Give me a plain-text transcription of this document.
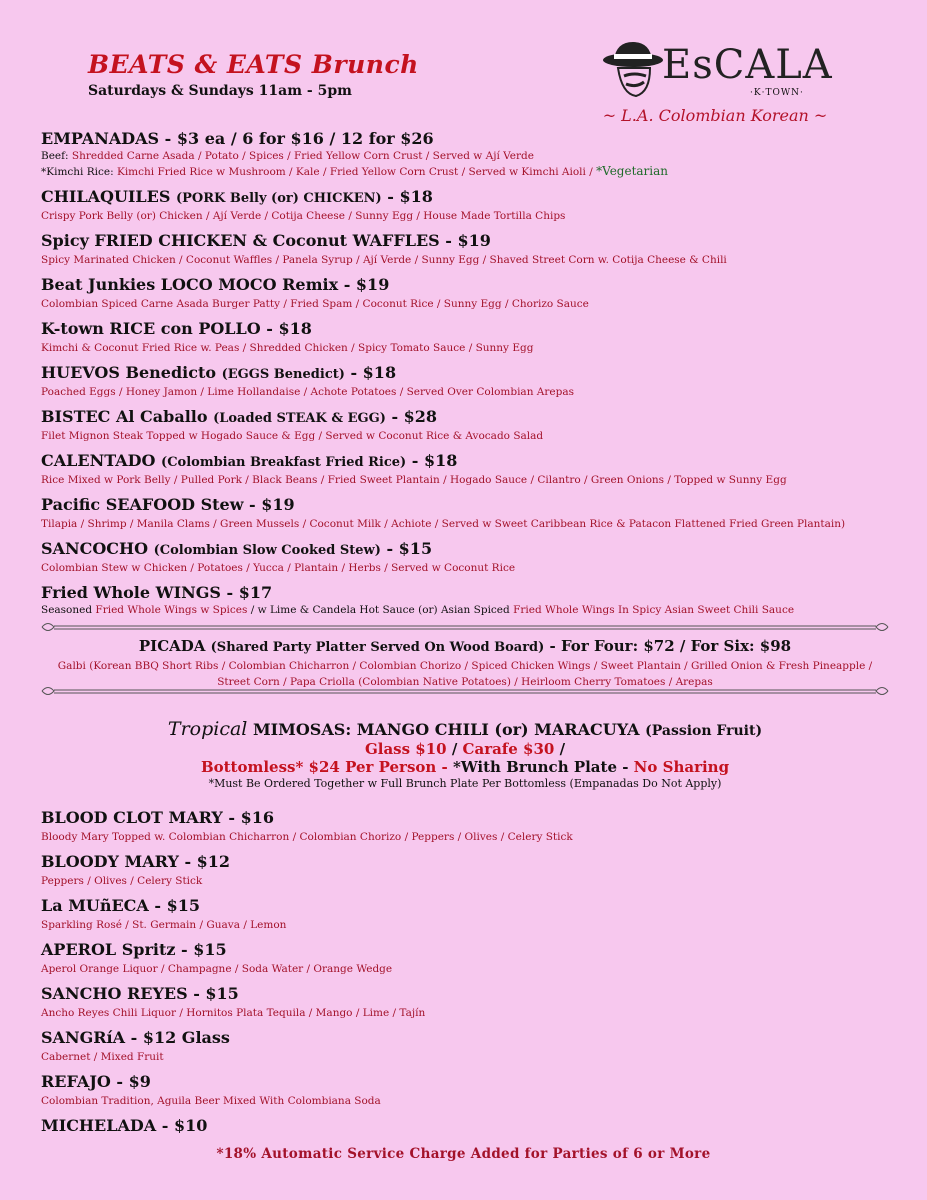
BEATS & EATS Brunch
Saturdays & Sundays 11am - 5pm
EsCALA
·K·TOWN·
~ L.A. Colombian Korean ~
EMPANADAS - $3 ea / 6 for $16 / 12 for $26
Beef: Shredded Carne Asada / Potato / Spices / Fried Yellow Corn Crust / Served w Ají Verde
*Kimchi Rice: Kimchi Fried Rice w Mushroom / Kale / Fried Yellow Corn Crust / Served w Kimchi Aioli / *Vegetarian
CHILAQUILES (PORK Belly (or) CHICKEN) - $18
Crispy Pork Belly (or) Chicken / Ají Verde / Cotija Cheese / Sunny Egg / House Made Tortilla Chips
Spicy FRIED CHICKEN & Coconut WAFFLES - $19
Spicy Marinated Chicken / Coconut Waffles / Panela Syrup / Ají Verde / Sunny Egg / Shaved Street Corn w. Cotija Cheese & Chili
Beat Junkies LOCO MOCO Remix - $19
Colombian Spiced Carne Asada Burger Patty / Fried Spam / Coconut Rice / Sunny Egg / Chorizo Sauce
K-town RICE con POLLO - $18
Kimchi & Coconut Fried Rice w. Peas / Shredded Chicken / Spicy Tomato Sauce / Sunny Egg
HUEVOS Benedicto (EGGS Benedict) - $18
Poached Eggs / Honey Jamon / Lime Hollandaise / Achote Potatoes / Served Over Colombian Arepas
BISTEC Al Caballo (Loaded STEAK & EGG) - $28
Filet Mignon Steak Topped w Hogado Sauce & Egg / Served w Coconut Rice & Avocado Salad
CALENTADO (Colombian Breakfast Fried Rice) - $18
Rice Mixed w Pork Belly / Pulled Pork / Black Beans / Fried Sweet Plantain / Hogado Sauce / Cilantro / Green Onions / Topped w Sunny Egg
Pacific SEAFOOD Stew - $19
Tilapia / Shrimp / Manila Clams / Green Mussels / Coconut Milk / Achiote / Served w Sweet Caribbean Rice & Patacon Flattened Fried Green Plantain)
SANCOCHO (Colombian Slow Cooked Stew) - $15
Colombian Stew w Chicken / Potatoes / Yucca / Plantain / Herbs / Served w Coconut Rice
Fried Whole WINGS - $17
Seasoned Fried Whole Wings w Spices / w Lime & Candela Hot Sauce (or) Asian Spiced Fried Whole Wings In Spicy Asian Sweet Chili Sauce
PICADA (Shared Party Platter Served On Wood Board) - For Four: $72 / For Six: $98
Galbi (Korean BBQ Short Ribs / Colombian Chicharron / Colombian Chorizo / Spiced Chicken Wings / Sweet Plantain / Grilled Onion & Fresh Pineapple / Street Corn / Papa Criolla (Colombian Native Potatoes) / Heirloom Cherry Tomatoes / Arepas
Tropical MIMOSAS: MANGO CHILI (or) MARACUYA (Passion Fruit)
Glass $10 / Carafe $30 /
Bottomless* $24 Per Person - *With Brunch Plate - No Sharing
*Must Be Ordered Together w Full Brunch Plate Per Bottomless (Empanadas Do Not Apply)
BLOOD CLOT MARY - $16
Bloody Mary Topped w. Colombian Chicharron / Colombian Chorizo / Peppers / Olives / Celery Stick
BLOODY MARY - $12
Peppers / Olives / Celery Stick
La MUñECA - $15
Sparkling Rosé / St. Germain / Guava / Lemon
APEROL Spritz - $15
Aperol Orange Liquor / Champagne / Soda Water / Orange Wedge
SANCHO REYES - $15
Ancho Reyes Chili Liquor / Hornitos Plata Tequila / Mango / Lime / Tajín
SANGRíA - $12 Glass
Cabernet / Mixed Fruit
REFAJO - $9
Colombian Tradition, Aguila Beer Mixed With Colombiana Soda
MICHELADA - $10
*18% Automatic Service Charge Added for Parties of 6 or More
